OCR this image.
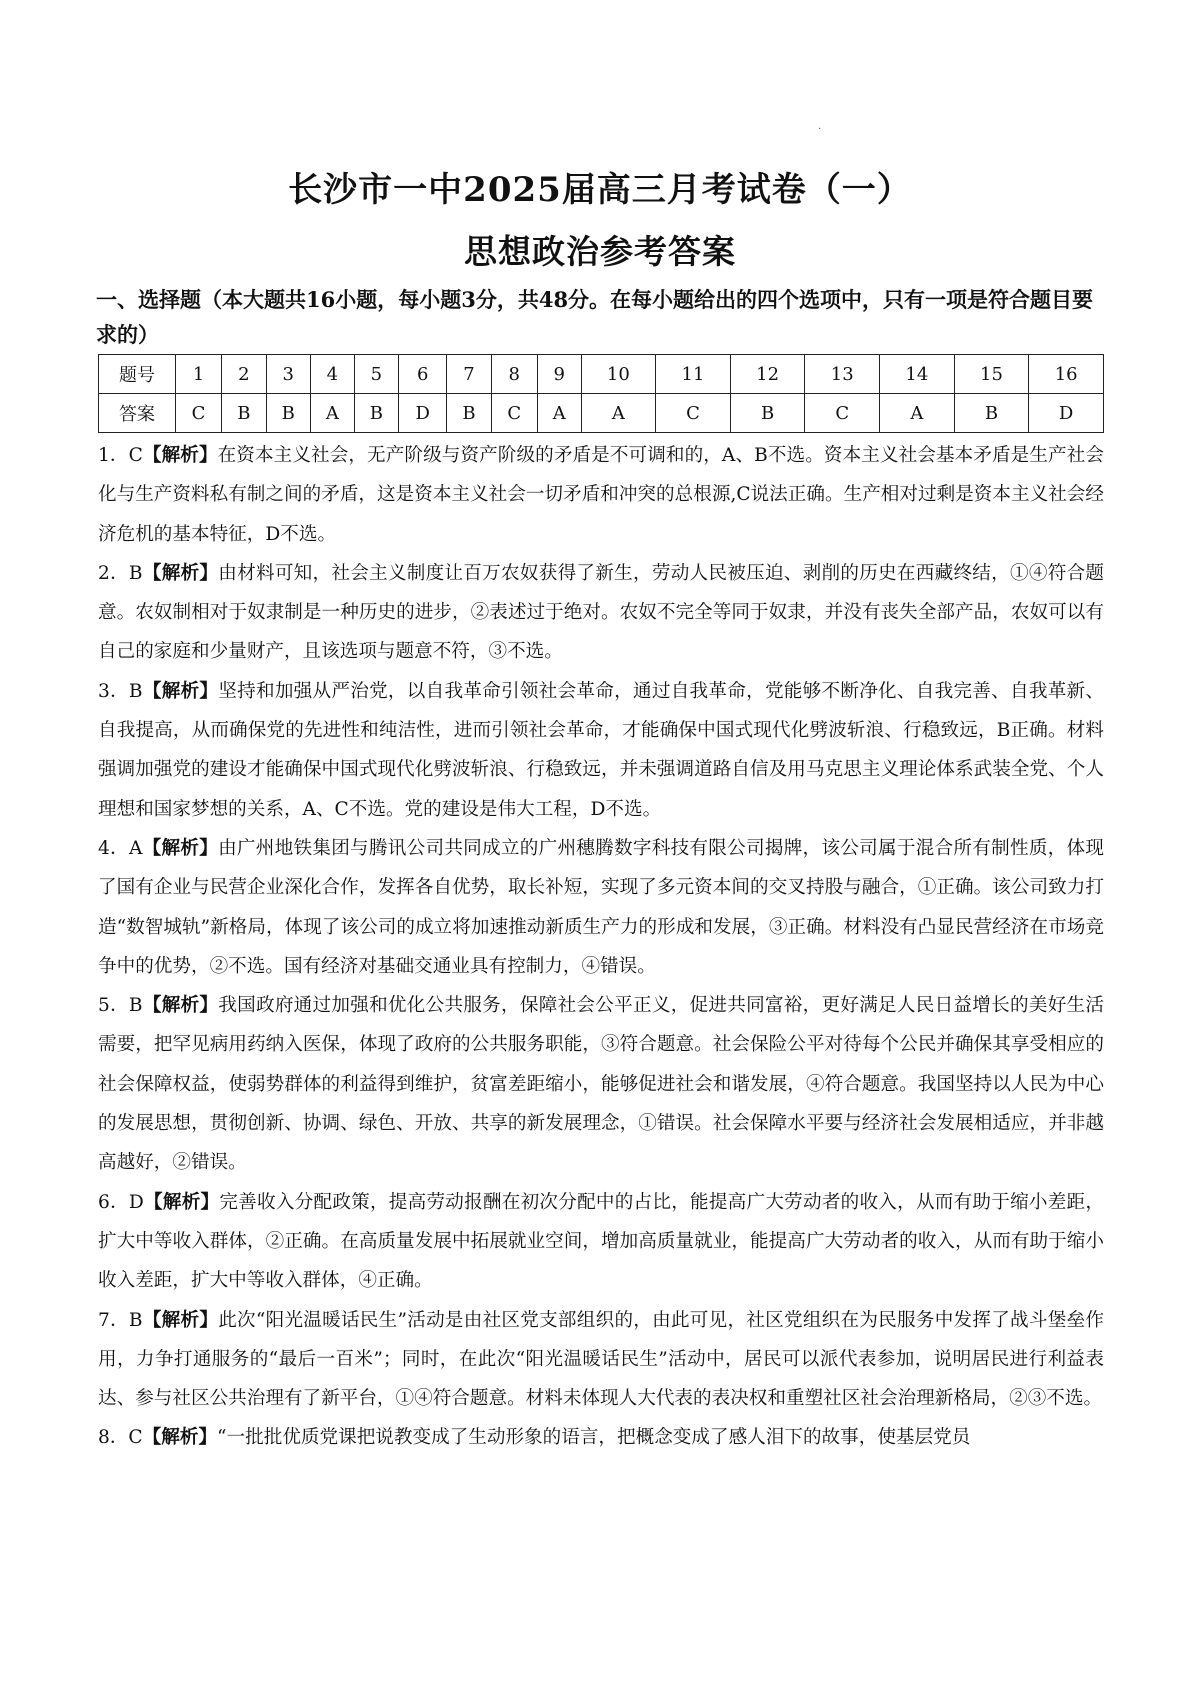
·
长沙市一中2025届高三月考试卷（一）
思想政治参考答案
一、选择题（本大题共16小题，每小题3分，共48分。在每小题给出的四个选项中，只有一项是符合题目要求的）
题号	1	2	3	4	5	6	7	8	9	10	11	12	13	14	15	16
答案	C	B	B	A	B	D	B	C	A	A	C	B	C	A	B	D

1．C【解析】在资本主义社会，无产阶级与资产阶级的矛盾是不可调和的，A、B不选。资本主义社会基本矛盾是生产社会化与生产资料私有制之间的矛盾，这是资本主义社会一切矛盾和冲突的总根源,C说法正确。生产相对过剩是资本主义社会经济危机的基本特征，D不选。

2．B【解析】由材料可知，社会主义制度让百万农奴获得了新生，劳动人民被压迫、剥削的历史在西藏终结，①④符合题意。农奴制相对于奴隶制是一种历史的进步，②表述过于绝对。农奴不完全等同于奴隶，并没有丧失全部产品，农奴可以有自己的家庭和少量财产，且该选项与题意不符，③不选。

3．B【解析】坚持和加强从严治党，以自我革命引领社会革命，通过自我革命，党能够不断净化、自我完善、自我革新、自我提高，从而确保党的先进性和纯洁性，进而引领社会革命，才能确保中国式现代化劈波斩浪、行稳致远，B正确。材料强调加强党的建设才能确保中国式现代化劈波斩浪、行稳致远，并未强调道路自信及用马克思主义理论体系武装全党、个人理想和国家梦想的关系，A、C不选。党的建设是伟大工程，D不选。

4．A【解析】由广州地铁集团与腾讯公司共同成立的广州穗腾数字科技有限公司揭牌，该公司属于混合所有制性质，体现了国有企业与民营企业深化合作，发挥各自优势，取长补短，实现了多元资本间的交叉持股与融合，①正确。该公司致力打造“数智城轨”新格局，体现了该公司的成立将加速推动新质生产力的形成和发展，③正确。材料没有凸显民营经济在市场竞争中的优势，②不选。国有经济对基础交通业具有控制力，④错误。

5．B【解析】我国政府通过加强和优化公共服务，保障社会公平正义，促进共同富裕，更好满足人民日益增长的美好生活需要，把罕见病用药纳入医保，体现了政府的公共服务职能，③符合题意。社会保险公平对待每个公民并确保其享受相应的社会保障权益，使弱势群体的利益得到维护，贫富差距缩小，能够促进社会和谐发展，④符合题意。我国坚持以人民为中心的发展思想，贯彻创新、协调、绿色、开放、共享的新发展理念，①错误。社会保障水平要与经济社会发展相适应，并非越高越好，②错误。

6．D【解析】完善收入分配政策，提高劳动报酬在初次分配中的占比，能提高广大劳动者的收入，从而有助于缩小差距，扩大中等收入群体，②正确。在高质量发展中拓展就业空间，增加高质量就业，能提高广大劳动者的收入，从而有助于缩小收入差距，扩大中等收入群体，④正确。

7．B【解析】此次“阳光温暖话民生”活动是由社区党支部组织的，由此可见，社区党组织在为民服务中发挥了战斗堡垒作用，力争打通服务的“最后一百米”；同时，在此次“阳光温暖话民生”活动中，居民可以派代表参加，说明居民进行利益表达、参与社区公共治理有了新平台，①④符合题意。材料未体现人大代表的表决权和重塑社区社会治理新格局，②③不选。

8．C【解析】“一批批优质党课把说教变成了生动形象的语言，把概念变成了感人泪下的故事，使基层党员
